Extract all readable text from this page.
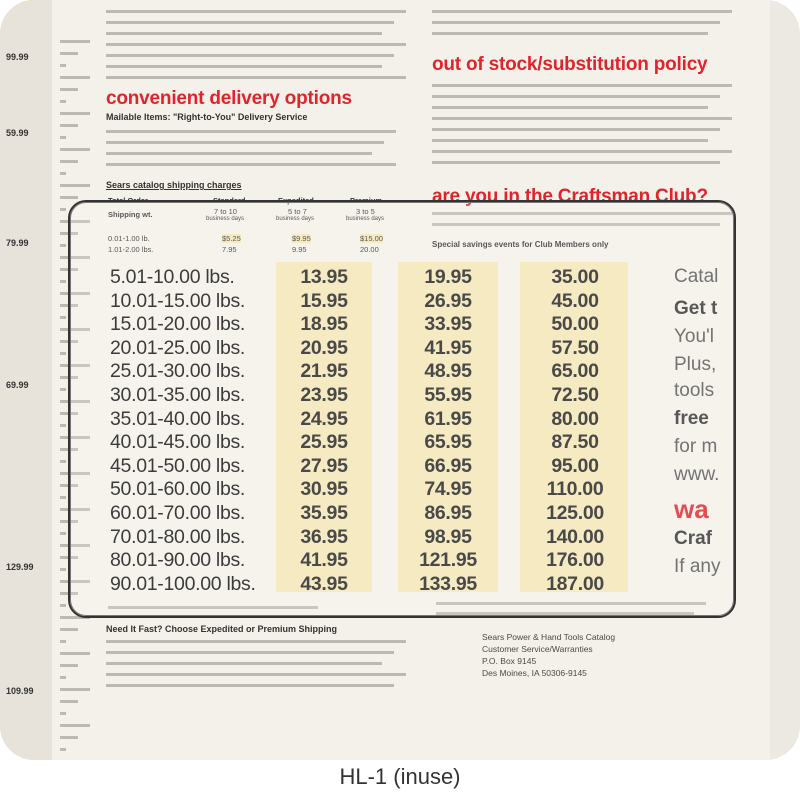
99.99
59.99
79.99
69.99
129.99
109.99
convenient delivery options
Mailable Items: "Right-to-You" Delivery Service
Sears catalog shipping charges
out of stock/substitution policy
are you in the Craftsman Club?
Total Order	Standard	Expedited	Premium
Shipping wt.	7 to 10	5 to 7	3 to 5
business days	business days	business days
0.01-1.00 lb.	$5.25	$9.95	$15.00
1.01-2.00 lbs.	7.95	9.95	20.00
Special savings events for Club Members only
5.01-10.00 lbs.	13.95	19.95	35.00
10.01-15.00 lbs.	15.95	26.95	45.00
15.01-20.00 lbs.	18.95	33.95	50.00
20.01-25.00 lbs.	20.95	41.95	57.50
25.01-30.00 lbs.	21.95	48.95	65.00
30.01-35.00 lbs.	23.95	55.95	72.50
35.01-40.00 lbs.	24.95	61.95	80.00
40.01-45.00 lbs.	25.95	65.95	87.50
45.01-50.00 lbs.	27.95	66.95	95.00
50.01-60.00 lbs.	30.95	74.95	110.00
60.01-70.00 lbs.	35.95	86.95	125.00
70.01-80.00 lbs.	36.95	98.95	140.00
80.01-90.00 lbs.	41.95	121.95	176.00
90.01-100.00 lbs.	43.95	133.95	187.00
Catal
Get t
You'l
Plus,
tools
free
for m
www.
wa
Craf
If any
Need It Fast? Choose Expedited or Premium Shipping
Sears Power & Hand Tools Catalog
Customer Service/Warranties
P.O. Box 9145
Des Moines, IA 50306-9145
HL-1 (inuse)
